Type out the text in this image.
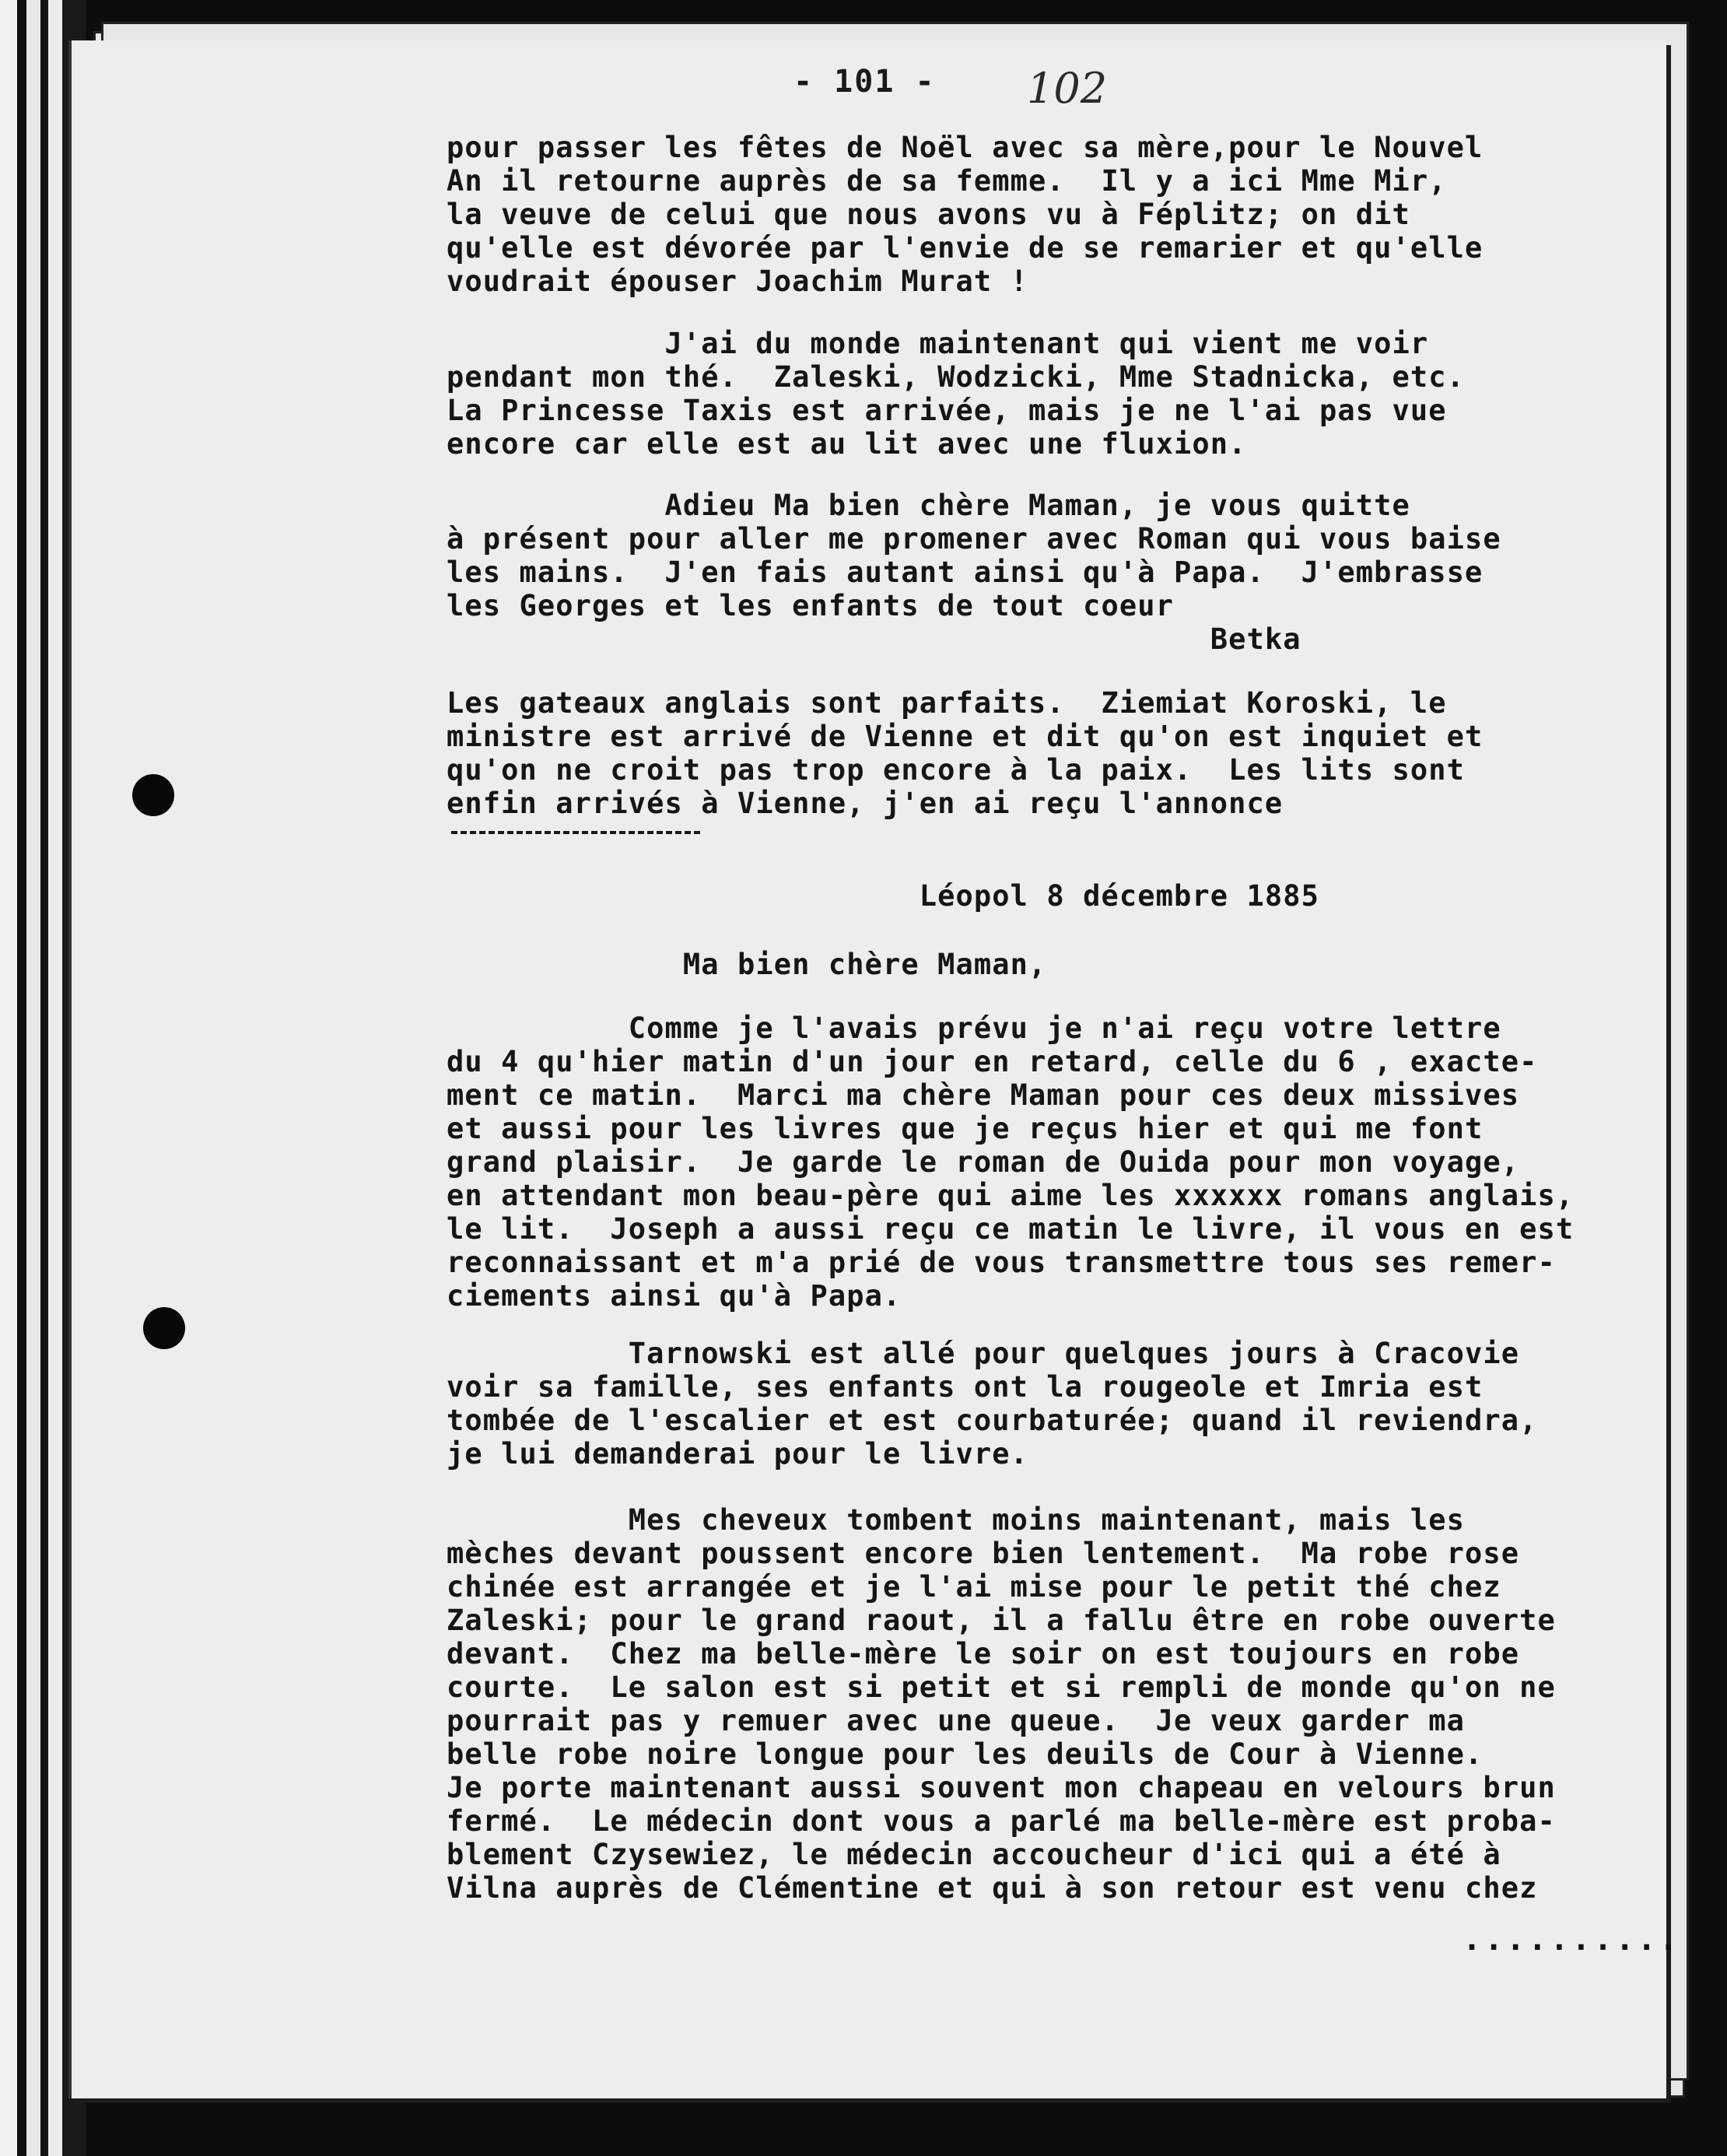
- 101 - 102
pour passer les fêtes de Noël avec sa mère,pour le Nouvel
An il retourne auprès de sa femme.  Il y a ici Mme Mir,
la veuve de celui que nous avons vu à Féplitz; on dit
qu'elle est dévorée par l'envie de se remarier et qu'elle
voudrait épouser Joachim Murat !
J'ai du monde maintenant qui vient me voir
pendant mon thé.  Zaleski, Wodzicki, Mme Stadnicka, etc.
La Princesse Taxis est arrivée, mais je ne l'ai pas vue
encore car elle est au lit avec une fluxion.
Adieu Ma bien chère Maman, je vous quitte
à présent pour aller me promener avec Roman qui vous baise
les mains.  J'en fais autant ainsi qu'à Papa.  J'embrasse
les Georges et les enfants de tout coeur
Betka
Les gateaux anglais sont parfaits.  Ziemiat Koroski, le
ministre est arrivé de Vienne et dit qu'on est inquiet et
qu'on ne croit pas trop encore à la paix.  Les lits sont
enfin arrivés à Vienne, j'en ai reçu l'annonce
Léopol 8 décembre 1885
Ma bien chère Maman,
Comme je l'avais prévu je n'ai reçu votre lettre
du 4 qu'hier matin d'un jour en retard, celle du 6 , exacte-
ment ce matin.  Marci ma chère Maman pour ces deux missives
et aussi pour les livres que je reçus hier et qui me font
grand plaisir.  Je garde le roman de Ouida pour mon voyage,
en attendant mon beau-père qui aime les xxxxxx romans anglais,
le lit.  Joseph a aussi reçu ce matin le livre, il vous en est
reconnaissant et m'a prié de vous transmettre tous ses remer-
ciements ainsi qu'à Papa.
Tarnowski est allé pour quelques jours à Cracovie
voir sa famille, ses enfants ont la rougeole et Imria est
tombée de l'escalier et est courbaturée; quand il reviendra,
je lui demanderai pour le livre.
Mes cheveux tombent moins maintenant, mais les
mèches devant poussent encore bien lentement.  Ma robe rose
chinée est arrangée et je l'ai mise pour le petit thé chez
Zaleski; pour le grand raout, il a fallu être en robe ouverte
devant.  Chez ma belle-mère le soir on est toujours en robe
courte.  Le salon est si petit et si rempli de monde qu'on ne
pourrait pas y remuer avec une queue.  Je veux garder ma
belle robe noire longue pour les deuils de Cour à Vienne.
Je porte maintenant aussi souvent mon chapeau en velours brun
fermé.  Le médecin dont vous a parlé ma belle-mère est proba-
blement Czysewiez, le médecin accoucheur d'ici qui a été à
Vilna auprès de Clémentine et qui à son retour est venu chez
..........
